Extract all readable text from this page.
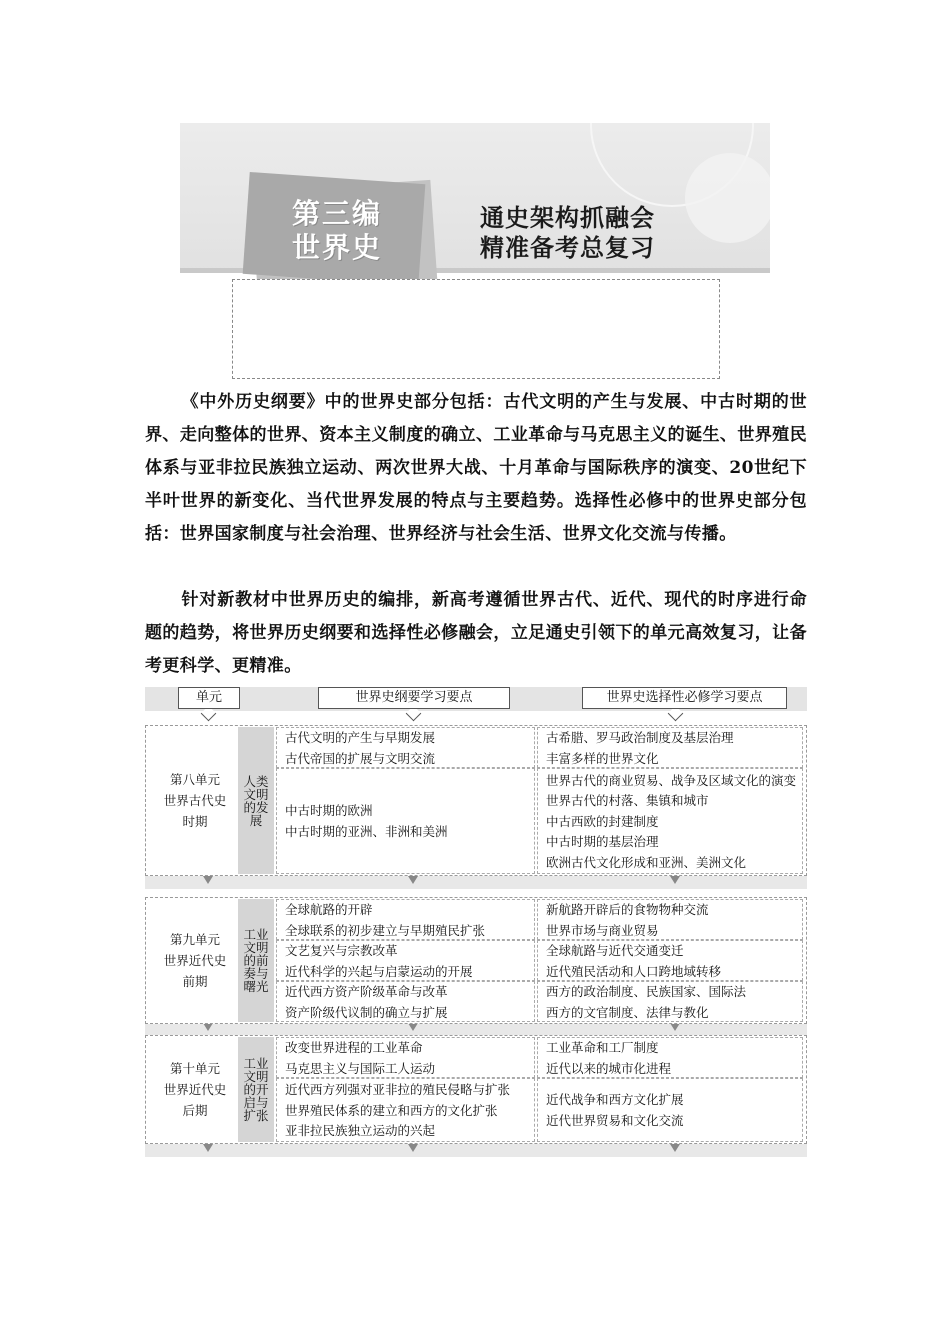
第三编
世界史
通史架构抓融会
精准备考总复习
《中外历史纲要》中的世界史部分包括：古代文明的产生与发展、中古时期的世界、走向整体的世界、资本主义制度的确立、工业革命与马克思主义的诞生、世界殖民体系与亚非拉民族独立运动、两次世界大战、十月革命与国际秩序的演变、20世纪下半叶世界的新变化、当代世界发展的特点与主要趋势。选择性必修中的世界史部分包括：世界国家制度与社会治理、世界经济与社会生活、世界文化交流与传播。
针对新教材中世界历史的编排，新高考遵循世界古代、近代、现代的时序进行命题的趋势，将世界历史纲要和选择性必修融会，立足通史引领下的单元高效复习，让备考更科学、更精准。
单元	世界史纲要学习要点	世界史选择性必修学习要点
第八单元
世界古代史
时期
人类文明的发展
古代文明的产生与早期发展
古代帝国的扩展与文明交流
古希腊、罗马政治制度及基层治理
丰富多样的世界文化
中古时期的欧洲
中古时期的亚洲、非洲和美洲
世界古代的商业贸易、战争及区域文化的演变
世界古代的村落、集镇和城市
中古西欧的封建制度
中古时期的基层治理
欧洲古代文化形成和亚洲、美洲文化
第九单元
世界近代史
前期
工业文明的前奏与曙光
全球航路的开辟
全球联系的初步建立与早期殖民扩张
新航路开辟后的食物物种交流
世界市场与商业贸易
文艺复兴与宗教改革
近代科学的兴起与启蒙运动的开展
全球航路与近代交通变迁
近代殖民活动和人口跨地域转移
近代西方资产阶级革命与改革
资产阶级代议制的确立与扩展
西方的政治制度、民族国家、国际法
西方的文官制度、法律与教化
第十单元
世界近代史
后期
工业文明的开启与扩张
改变世界进程的工业革命
马克思主义与国际工人运动
工业革命和工厂制度
近代以来的城市化进程
近代西方列强对亚非拉的殖民侵略与扩张
世界殖民体系的建立和西方的文化扩张
亚非拉民族独立运动的兴起
近代战争和西方文化扩展
近代世界贸易和文化交流
